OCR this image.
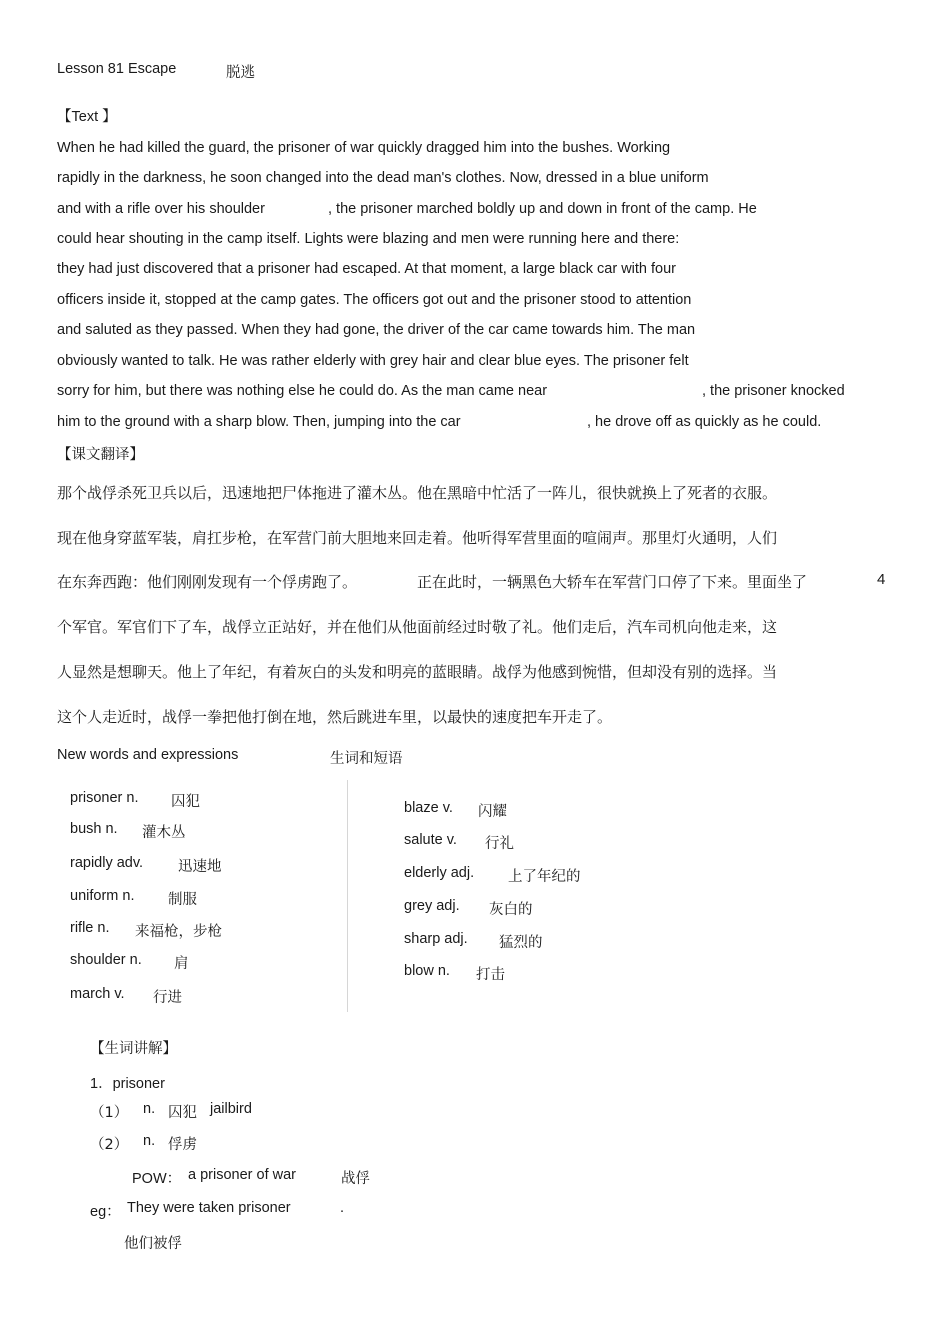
Lesson 81 Escape	脱逃
【Text 】
When he had killed the guard, the prisoner of war quickly dragged him into the bushes. Working
rapidly in the darkness, he soon changed into the dead man's clothes. Now, dressed in a blue uniform
and with a rifle over his shoulder	, the prisoner marched boldly up and down in front of the camp. He
could hear shouting in the camp itself. Lights were blazing and men were running here and there:
they had just discovered that a prisoner had escaped. At that moment, a large black car with four
officers inside it, stopped at the camp gates. The officers got out and the prisoner stood to attention
and saluted as they passed. When they had gone, the driver of the car came towards him. The man
obviously wanted to talk. He was rather elderly with grey hair and clear blue eyes. The prisoner felt
sorry for him, but there was nothing else he could do. As the man came near	, the prisoner knocked
him to the ground with a sharp blow. Then, jumping into the car	, he drove off as quickly as he could.
【课文翻译】
那个战俘杀死卫兵以后，迅速地把尸体拖进了灌木丛。他在黑暗中忙活了一阵儿，很快就换上了死者的衣服。
现在他身穿蓝军装，肩扛步枪，在军营门前大胆地来回走着。他听得军营里面的喧闹声。那里灯火通明，人们
在东奔西跑：他们刚刚发现有一个俘虏跑了。	正在此时，一辆黑色大轿车在军营门口停了下来。里面坐了	4
个军官。军官们下了车，战俘立正站好，并在他们从他面前经过时敬了礼。他们走后，汽车司机向他走来，这
人显然是想聊天。他上了年纪，有着灰白的头发和明亮的蓝眼睛。战俘为他感到惋惜，但却没有别的选择。当
这个人走近时，战俘一拳把他打倒在地，然后跳进车里，以最快的速度把车开走了。
New words and expressions	生词和短语
prisoner n. 囚犯
bush n. 灌木丛
rapidly adv. 迅速地
uniform n. 制服
rifle n. 来福枪，步枪
shoulder n. 肩
march v. 行进
blaze v. 闪耀
salute v. 行礼
elderly adj. 上了年纪的
grey adj. 灰白的
sharp adj. 猛烈的
blow n. 打击
【生词讲解】
1．prisoner
（1） n. 囚犯 jailbird
（2） n. 俘虏
POW： a prisoner of war	战俘
eg： They were taken prisoner	.
他们被俘
